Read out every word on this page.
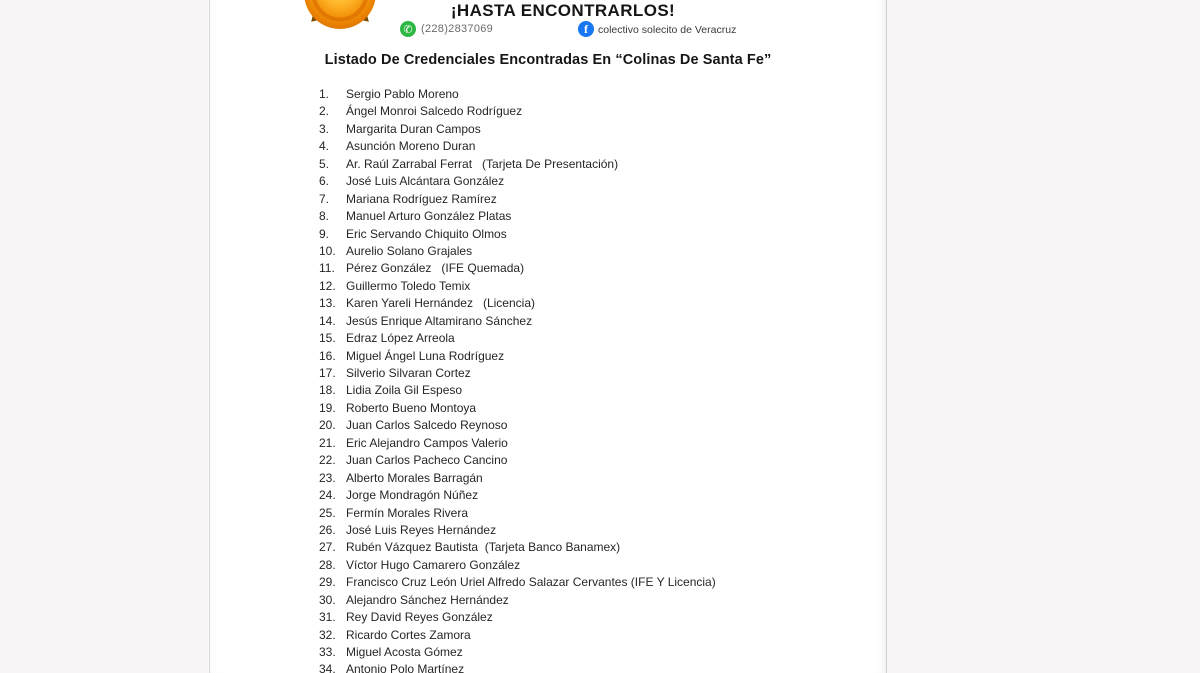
¡HASTA ENCONTRARLOS!
✆ (228)2837069	f colectivo solecito de Veracruz
Listado De Credenciales Encontradas En “Colinas De Santa Fe”
1. Sergio Pablo Moreno
2. Ángel Monroi Salcedo Rodríguez
3. Margarita Duran Campos
4. Asunción Moreno Duran
5. Ar. Raúl Zarrabal Ferrat   (Tarjeta De Presentación)
6. José Luis Alcántara González
7. Mariana Rodríguez Ramírez
8. Manuel Arturo González Platas
9. Eric Servando Chiquito Olmos
10. Aurelio Solano Grajales
11. Pérez González   (IFE Quemada)
12. Guillermo Toledo Temix
13. Karen Yareli Hernández   (Licencia)
14. Jesús Enrique Altamirano Sánchez
15. Edraz López Arreola
16. Miguel Ángel Luna Rodríguez
17. Silverio Silvaran Cortez
18. Lidia Zoila Gil Espeso
19. Roberto Bueno Montoya
20. Juan Carlos Salcedo Reynoso
21. Eric Alejandro Campos Valerio
22. Juan Carlos Pacheco Cancino
23. Alberto Morales Barragán
24. Jorge Mondragón Núñez
25. Fermín Morales Rivera
26. José Luis Reyes Hernández
27. Rubén Vázquez Bautista  (Tarjeta Banco Banamex)
28. Víctor Hugo Camarero González
29. Francisco Cruz León Uriel Alfredo Salazar Cervantes (IFE Y Licencia)
30. Alejandro Sánchez Hernández
31. Rey David Reyes González
32. Ricardo Cortes Zamora
33. Miguel Acosta Gómez
34. Antonio Polo Martínez
